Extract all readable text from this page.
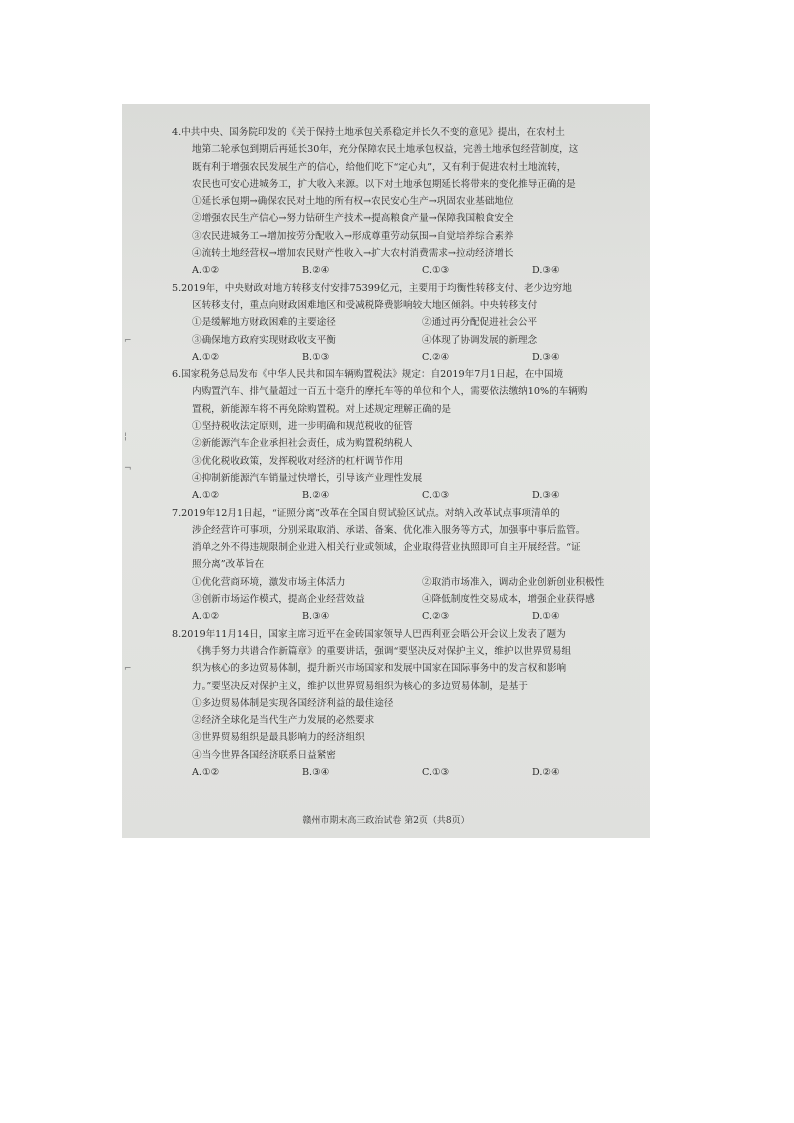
⌐
¦
¬
⌐
4.中共中央、国务院印发的《关于保持土地承包关系稳定并长久不变的意见》提出，在农村土
地第二轮承包到期后再延长30年，充分保障农民土地承包权益，完善土地承包经营制度，这
既有利于增强农民发展生产的信心，给他们吃下“定心丸”，又有利于促进农村土地流转，
农民也可安心进城务工，扩大收入来源。以下对土地承包期延长将带来的变化推导正确的是
①延长承包期→确保农民对土地的所有权→农民安心生产→巩固农业基础地位
②增强农民生产信心→努力钻研生产技术→提高粮食产量→保障我国粮食安全
③农民进城务工→增加按劳分配收入→形成尊重劳动氛围→自觉培养综合素养
④流转土地经营权→增加农民财产性收入→扩大农村消费需求→拉动经济增长
A.①②	B.②④	C.①③	D.③④
5.2019年，中央财政对地方转移支付安排75399亿元，主要用于均衡性转移支付、老少边穷地
区转移支付，重点向财政困难地区和受减税降费影响较大地区倾斜。中央转移支付
①是缓解地方财政困难的主要途径	②通过再分配促进社会公平
③确保地方政府实现财政收支平衡	④体现了协调发展的新理念
A.①②	B.①③	C.②④	D.③④
6.国家税务总局发布《中华人民共和国车辆购置税法》规定：自2019年7月1日起，在中国境
内购置汽车、排气量超过一百五十毫升的摩托车等的单位和个人，需要依法缴纳10%的车辆购
置税，新能源车将不再免除购置税。对上述规定理解正确的是
①坚持税收法定原则，进一步明确和规范税收的征管
②新能源汽车企业承担社会责任，成为购置税纳税人
③优化税收政策，发挥税收对经济的杠杆调节作用
④抑制新能源汽车销量过快增长，引导该产业理性发展
A.①②	B.②④	C.①③	D.③④
7.2019年12月1日起，“证照分离”改革在全国自贸试验区试点。对纳入改革试点事项清单的
涉企经营许可事项，分别采取取消、承诺、备案、优化准入服务等方式，加强事中事后监管。
消单之外不得违规限制企业进入相关行业或领域，企业取得营业执照即可自主开展经营。“证
照分离”改革旨在
①优化营商环境，激发市场主体活力	②取消市场准入，调动企业创新创业积极性
③创新市场运作模式，提高企业经营效益	④降低制度性交易成本，增强企业获得感
A.①②	B.③④	C.②③	D.①④
8.2019年11月14日，国家主席习近平在金砖国家领导人巴西利亚会晤公开会议上发表了题为
《携手努力共谱合作新篇章》的重要讲话，强调“要坚决反对保护主义，维护以世界贸易组
织为核心的多边贸易体制，提升新兴市场国家和发展中国家在国际事务中的发言权和影响
力。”要坚决反对保护主义，维护以世界贸易组织为核心的多边贸易体制，是基于
①多边贸易体制是实现各国经济利益的最佳途径
②经济全球化是当代生产力发展的必然要求
③世界贸易组织是最具影响力的经济组织
④当今世界各国经济联系日益紧密
A.①②	B.③④	C.①③	D.②④
赣州市期末高三政治试卷 第2页（共8页）
